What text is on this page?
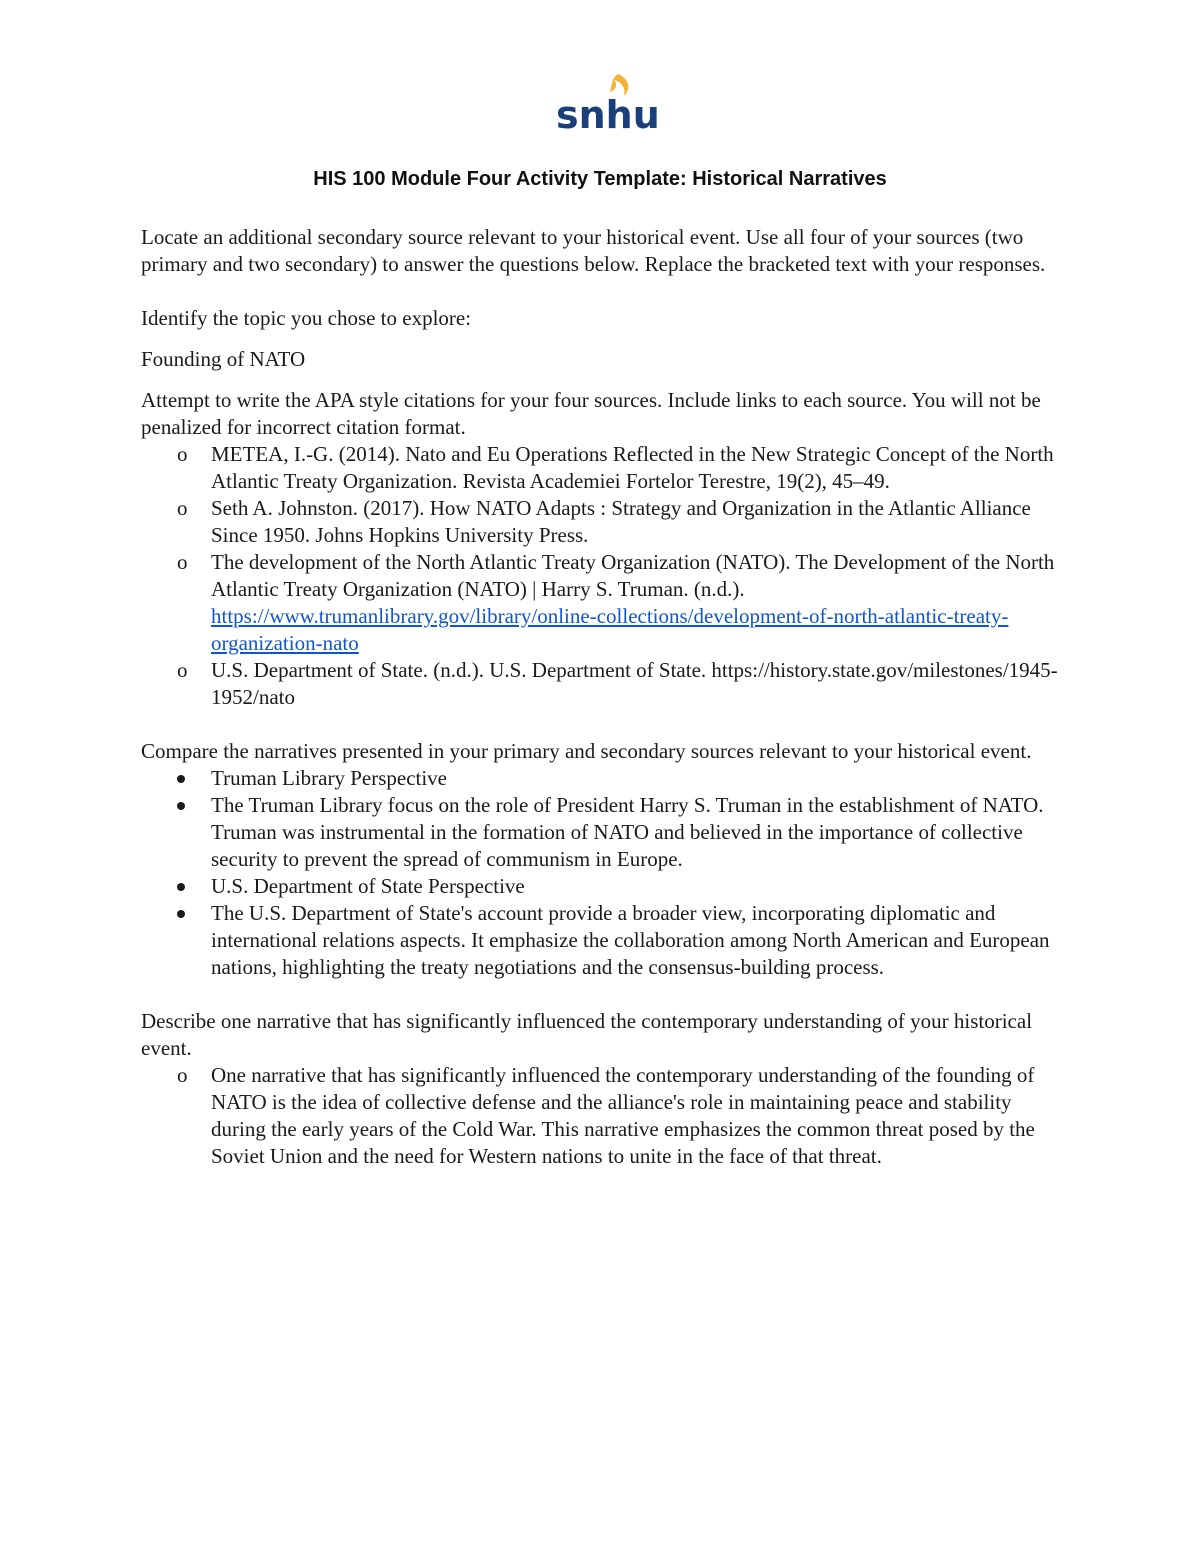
snhu
HIS 100 Module Four Activity Template: Historical Narratives

Locate an additional secondary source relevant to your historical event. Use all four of your sources (two primary and two secondary) to answer the questions below. Replace the bracketed text with your responses.

Identify the topic you chose to explore:

Founding of NATO

Attempt to write the APA style citations for your four sources. Include links to each source. You will not be penalized for incorrect citation format.

o METEA, I.-G. (2014). Nato and Eu Operations Reflected in the New Strategic Concept of the North Atlantic Treaty Organization. Revista Academiei Fortelor Terestre, 19(2), 45–49.
o Seth A. Johnston. (2017). How NATO Adapts : Strategy and Organization in the Atlantic Alliance Since 1950. Johns Hopkins University Press.
o The development of the North Atlantic Treaty Organization (NATO). The Development of the North Atlantic Treaty Organization (NATO) | Harry S. Truman. (n.d.). https://www.trumanlibrary.gov/library/online-collections/development-of-north-atlantic-treaty-organization-nato
o U.S. Department of State. (n.d.). U.S. Department of State. https://history.state.gov/milestones/1945-1952/nato

Compare the narratives presented in your primary and secondary sources relevant to your historical event.

Truman Library Perspective
The Truman Library focus on the role of President Harry S. Truman in the establishment of NATO. Truman was instrumental in the formation of NATO and believed in the importance of collective security to prevent the spread of communism in Europe.
U.S. Department of State Perspective
The U.S. Department of State's account provide a broader view, incorporating diplomatic and international relations aspects. It emphasize the collaboration among North American and European nations, highlighting the treaty negotiations and the consensus-building process.

Describe one narrative that has significantly influenced the contemporary understanding of your historical event.

o One narrative that has significantly influenced the contemporary understanding of the founding of NATO is the idea of collective defense and the alliance's role in maintaining peace and stability during the early years of the Cold War. This narrative emphasizes the common threat posed by the Soviet Union and the need for Western nations to unite in the face of that threat.
